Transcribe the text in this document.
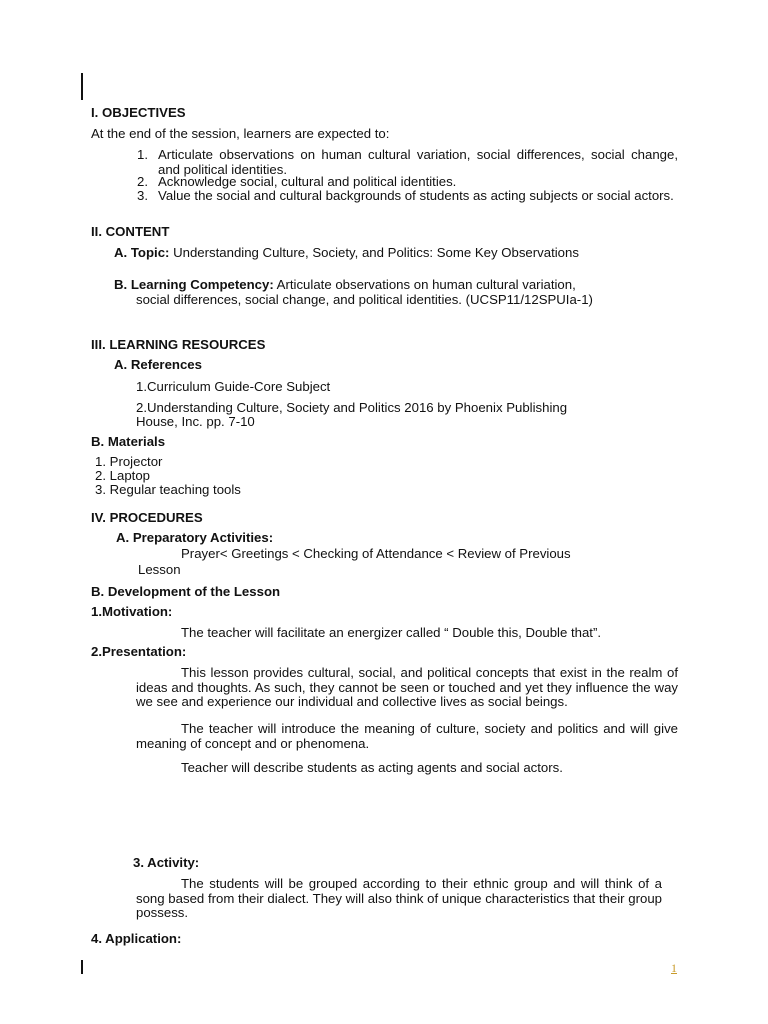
I. OBJECTIVES
At the end of the session, learners are expected to:
1. Articulate observations on human cultural variation, social differences, social change, and political identities.
2. Acknowledge social, cultural and political identities.
3. Value the social and cultural backgrounds of students as acting subjects or social actors.
II. CONTENT
A. Topic: Understanding Culture, Society, and Politics: Some Key Observations
B. Learning Competency: Articulate observations on human cultural variation,
social differences, social change, and political identities. (UCSP11/12SPUIa-1)
III. LEARNING RESOURCES
A. References
1.Curriculum Guide-Core Subject
2.Understanding Culture, Society and Politics 2016 by Phoenix Publishing
House, Inc. pp. 7-10
B. Materials
1. Projector
2. Laptop
3. Regular teaching tools
IV. PROCEDURES
A. Preparatory Activities:
Prayer< Greetings < Checking of Attendance < Review of Previous
Lesson
B. Development of the Lesson
1.Motivation:
The teacher will facilitate an energizer called “ Double this, Double that”.
2.Presentation:
This lesson provides cultural, social, and political concepts that exist in the realm of ideas and thoughts. As such, they cannot be seen or touched and yet they influence the way we see and experience our individual and collective lives as social beings.
The teacher will introduce the meaning of culture, society and politics and will give meaning of concept and or phenomena.
Teacher will describe students as acting agents and social actors.
3. Activity:
The students will be grouped according to their ethnic group and will think of a song based from their dialect. They will also think of unique characteristics that their group possess.
4. Application:
1
